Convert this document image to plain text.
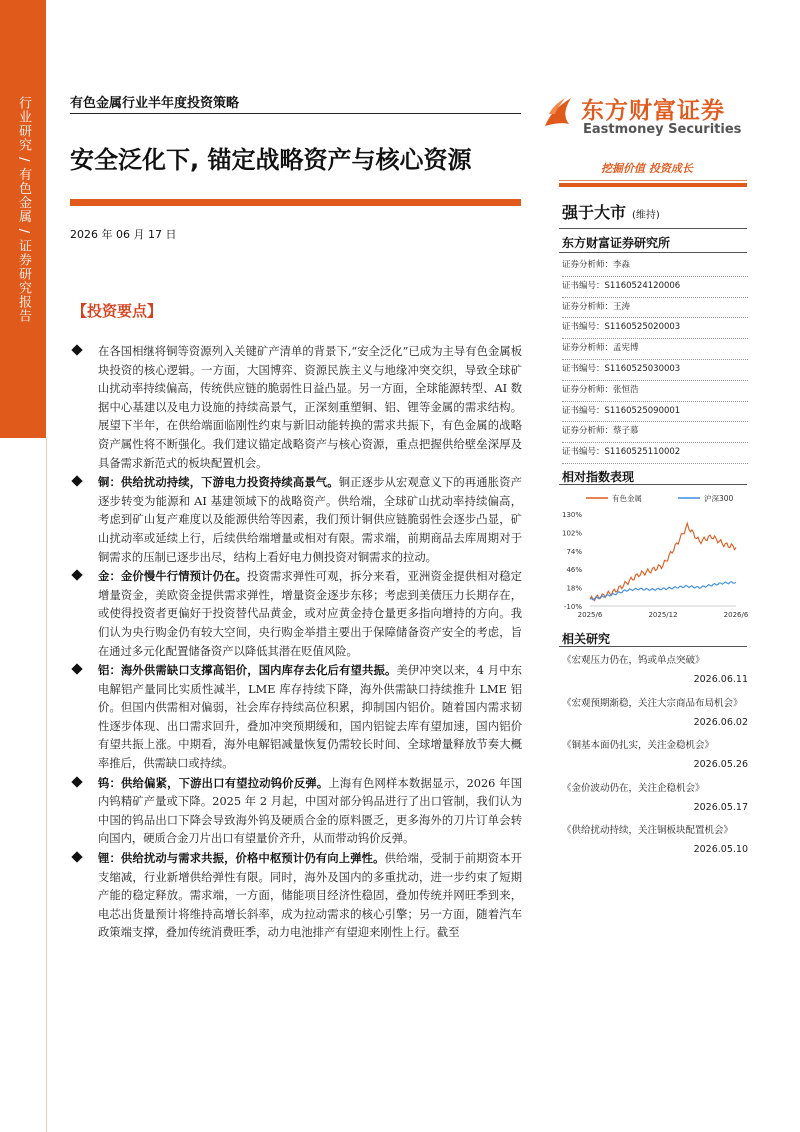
行业研究 / 有色金属 / 证券研究报告	有色金属行业半年度投资策略
安全泛化下, 锚定战略资产与核心资源
2026 年 06 月 17 日
【投资要点】
在各国相继将铜等资源列入关键矿产清单的背景下,“安全泛化”已成为主导有色金属板块投资的核心逻辑。一方面，大国博弈、资源民族主义与地缘冲突交织，导致全球矿山扰动率持续偏高，传统供应链的脆弱性日益凸显。另一方面，全球能源转型、AI 数据中心基建以及电力设施的持续高景气，正深刻重塑铜、铝、锂等金属的需求结构。展望下半年，在供给端面临刚性约束与新旧动能转换的需求共振下，有色金属的战略资产属性将不断强化。我们建议锚定战略资产与核心资源，重点把握供给壁垒深厚及具备需求新范式的板块配置机会。
铜：供给扰动持续，下游电力投资持续高景气。铜正逐步从宏观意义下的再通胀资产逐步转变为能源和 AI 基建领域下的战略资产。供给端，全球矿山扰动率持续偏高，考虑到矿山复产难度以及能源供给等因素，我们预计铜供应链脆弱性会逐步凸显，矿山扰动率或延续上行，后续供给端增量或相对有限。需求端，前期商品去库周期对于铜需求的压制已逐步出尽，结构上看好电力侧投资对铜需求的拉动。
金：金价慢牛行情预计仍在。投资需求弹性可观，拆分来看，亚洲资金提供相对稳定增量资金，美欧资金提供需求弹性，增量资金逐步东移；考虑到美债压力长期存在，或使得投资者更偏好于投资替代品黄金，或对应黄金持仓量更多指向增持的方向。我们认为央行购金仍有较大空间，央行购金举措主要出于保障储备资产安全的考虑，旨在通过多元化配置储备资产以降低其潜在贬值风险。
铝：海外供需缺口支撑高铝价，国内库存去化后有望共振。美伊冲突以来，4 月中东电解铝产量同比实质性减半，LME 库存持续下降，海外供需缺口持续推升 LME 铝价。但国内供需相对偏弱，社会库存持续高位积累，抑制国内铝价。随着国内需求韧性逐步体现、出口需求回升，叠加冲突预期缓和，国内铝锭去库有望加速，国内铝价有望共振上涨。中期看，海外电解铝减量恢复仍需较长时间、全球增量释放节奏大概率推后，供需缺口或持续。
钨：供给偏紧，下游出口有望拉动钨价反弹。上海有色网样本数据显示，2026 年国内钨精矿产量或下降。2025 年 2 月起，中国对部分钨品进行了出口管制，我们认为中国的钨品出口下降会导致海外钨及硬质合金的原料匮乏，更多海外的刀片订单会转向国内，硬质合金刀片出口有望量价齐升，从而带动钨价反弹。
锂：供给扰动与需求共振，价格中枢预计仍有向上弹性。供给端，受制于前期资本开支缩减，行业新增供给弹性有限。同时，海外及国内的多重扰动，进一步约束了短期产能的稳定释放。需求端，一方面，储能项目经济性稳固，叠加传统并网旺季到来，电芯出货量预计将维持高增长斜率，成为拉动需求的核心引擎；另一方面，随着汽车政策端支撑，叠加传统消费旺季，动力电池排产有望迎来刚性上行。截至
东方财富证券
Eastmoney Securities
挖掘价值 投资成长
强于大市 (维持)
东方财富证券研究所
证券分析师：李淼
证书编号：S1160524120006
证券分析师：王涛
证书编号：S1160525020003
证券分析师：孟宪博
证书编号：S1160525030003
证券分析师：张恒浩
证书编号：S1160525090001
证券分析师：蔡子慕
证书编号：S1160525110002
相对指数表现
有色金属	沪深300
130%
102%
74%
46%
18%
-10%
2025/6	2025/12	2026/6
相关研究
《宏观压力仍在，钨或单点突破》
2026.06.11
《宏观预期渐稳，关注大宗商品布局机会》
2026.06.02
《铜基本面仍扎实，关注金稳机会》
2026.05.26
《金价波动仍在，关注企稳机会》
2026.05.17
《供给扰动持续，关注铜板块配置机会》
2026.05.10
